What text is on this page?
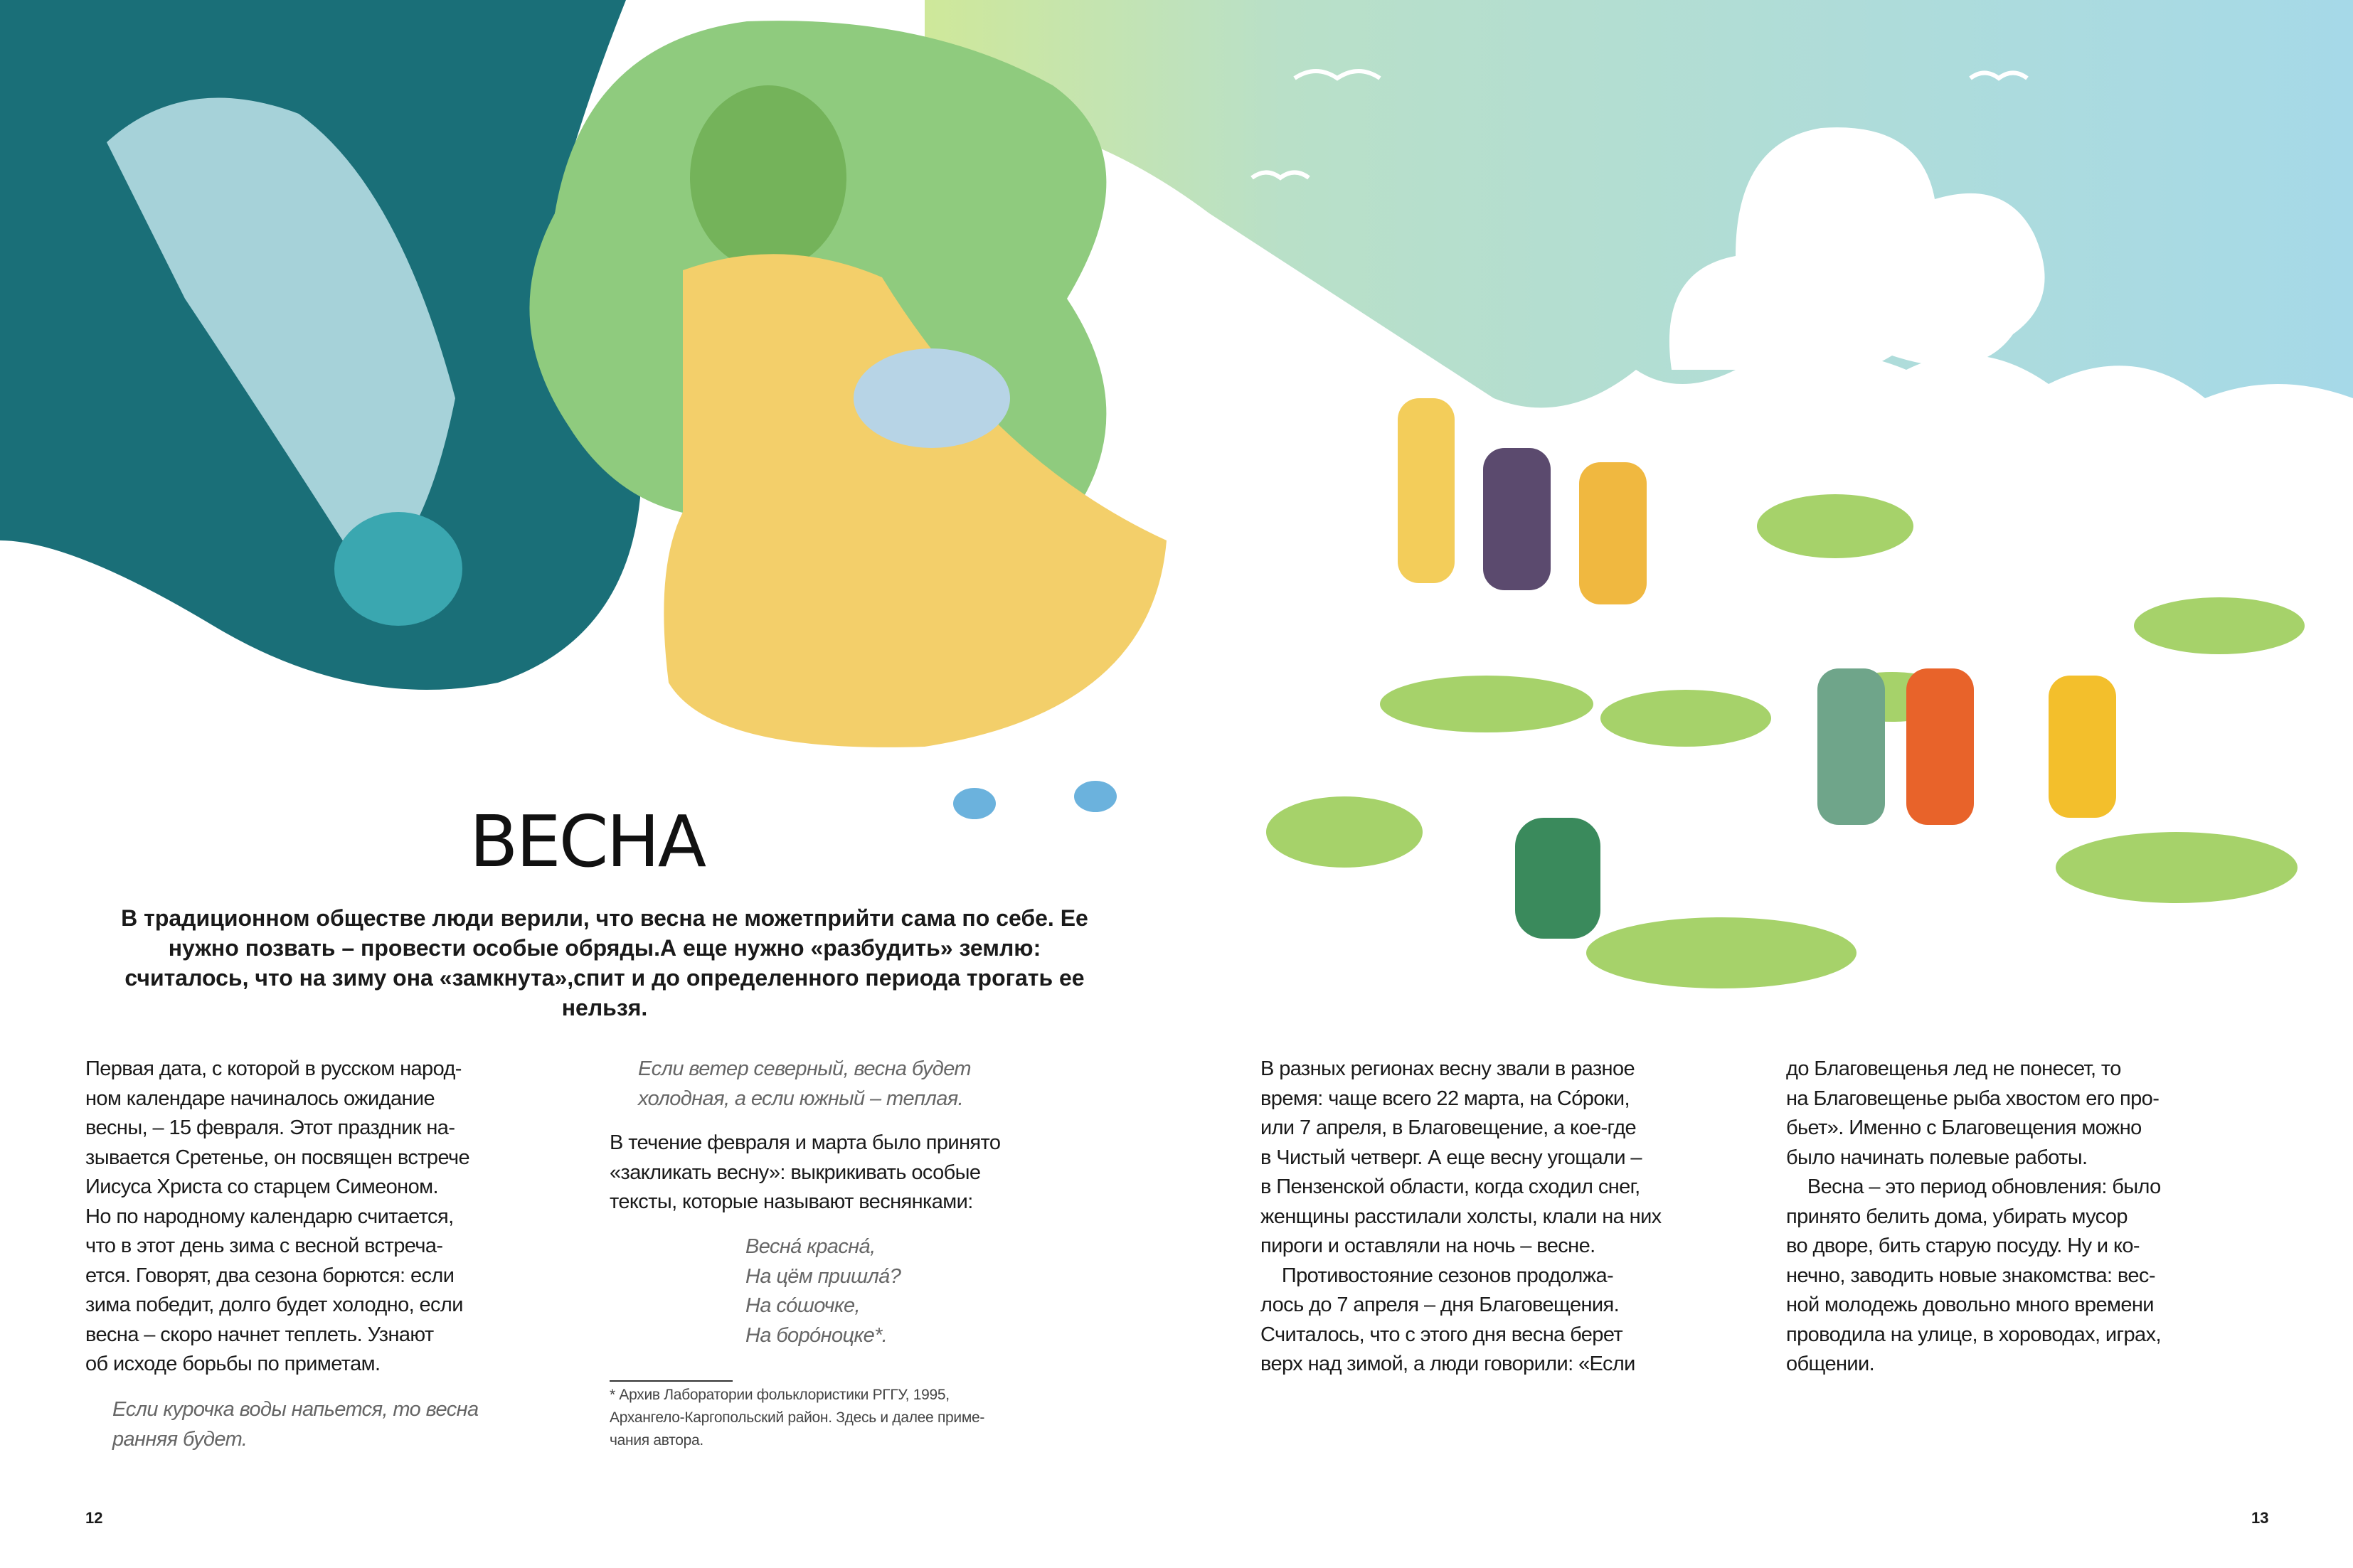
ВЕСНА
В традиционном обществе люди верили, что весна не можетприйти сама по себе. Ее нужно позвать – провести особые обряды.А еще нужно «разбудить» землю: считалось, что на зиму она «замкнута»,спит и до определенного периода трогать ее нельзя.
Первая дата, с которой в русском народ-
ном календаре начиналось ожидание
весны, – 15 февраля. Этот праздник на-
зывается Сретенье, он посвящен встрече
Иисуса Христа со старцем Симеоном.
Но по народному календарю считается,
что в этот день зима с весной встреча-
ется. Говорят, два сезона борются: если
зима победит, долго будет холодно, если
весна – скоро начнет теплеть. Узнают
об исходе борьбы по приметам.
Если курочка воды напьется, то весна
ранняя будет.
Если ветер северный, весна будет
холодная, а если южный – теплая.
В течение февраля и марта было принято
«закликать весну»: выкрикивать особые
тексты, которые называют веснянками:
Весна́ красна́,
На цём пришла́?
На со́шочке,
На боро́ноцке*.
* Архив Лаборатории фольклористики РГГУ, 1995,
Архангело-Каргопольский район. Здесь и далее приме-
чания автора.
В разных регионах весну звали в разное
время: чаще всего 22 марта, на Со́роки,
или 7 апреля, в Благовещение, а кое-где
в Чистый четверг. А еще весну угощали –
в Пензенской области, когда сходил снег,
женщины расстилали холсты, клали на них
пироги и оставляли на ночь – весне.
Противостояние сезонов продолжа-
лось до 7 апреля – дня Благовещения.
Считалось, что с этого дня весна берет
верх над зимой, а люди говорили: «Если
до Благовещенья лед не понесет, то
на Благовещенье рыба хвостом его про-
бьет». Именно с Благовещения можно
было начинать полевые работы.
Весна – это период обновления: было
принято белить дома, убирать мусор
во дворе, бить старую посуду. Ну и ко-
нечно, заводить новые знакомства: вес-
ной молодежь довольно много времени
проводила на улице, в хороводах, играх,
общении.
12	13
